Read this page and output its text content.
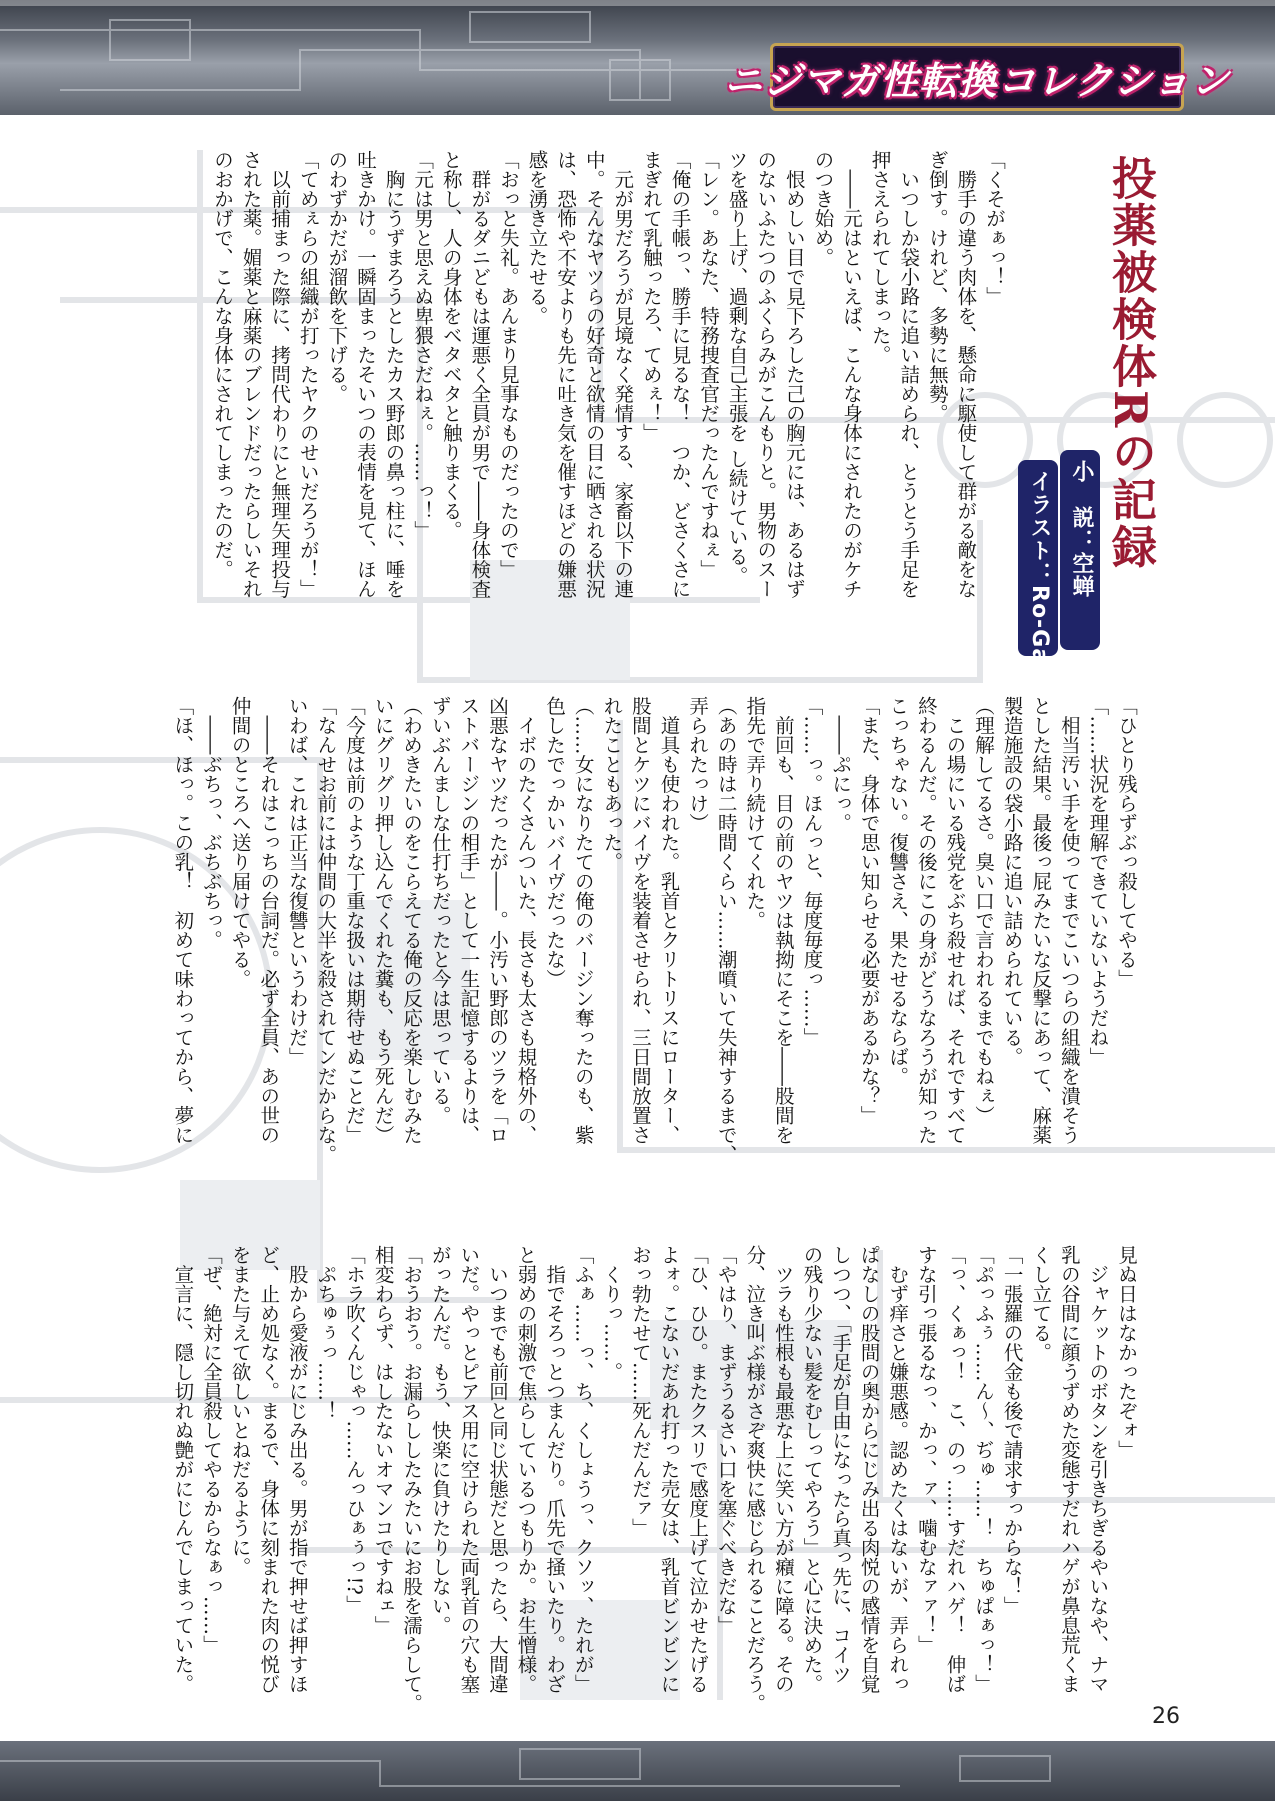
ニジマガ性転換コレクション
投薬被検体Rの記録
小　説：空蝉
イラスト：Ro-Ga
「くそがぁっ！」
　勝手の違う肉体を、懸命に駆使して群がる敵をな
ぎ倒す。けれど、多勢に無勢。
　いつしか袋小路に追い詰められ、とうとう手足を
押さえられてしまった。
　――元はといえば、こんな身体にされたのがケチ
のつき始め。
　恨めしい目で見下ろした己の胸元には、あるはず
のないふたつのふくらみがこんもりと。男物のスー
ツを盛り上げ、過剰な自己主張を し続けている。
「レン。あなた、特務捜査官だったんですねぇ」
「俺の手帳っ、勝手に見るな！　つか、どさくさに
まぎれて乳触ったろ、てめぇ！」
　元が男だろうが見境なく発情する、家畜以下の連
中。そんなヤツらの好奇と欲情の目に晒される状況
は、恐怖や不安よりも先に吐き気を催すほどの嫌悪
感を湧き立たせる。
「おっと失礼。あんまり見事なものだったので」
　群がるダニどもは運悪く全員が男で――身体検査
と称し、人の身体をベタベタと触りまくる。
「元は男と思えぬ卑猥さだねぇ。……っ！」
　胸にうずまろうとしたカス野郎の鼻っ柱に、唾を
吐きかけ。一瞬固まったそいつの表情を見て、ほん
のわずかだが溜飲を下げる。
「てめぇらの組織が打ったヤクのせいだろうが！」
　以前捕まった際に、拷問代わりにと無理矢理投与
された薬。媚薬と麻薬のブレンドだったらしいそれ
のおかげで、こんな身体にされてしまったのだ。
「ひとり残らずぶっ殺してやる」
「……状況を理解できていないようだね」
　相当汚い手を使ってまでこいつらの組織を潰そう
とした結果。最後っ屁みたいな反撃にあって、麻薬
製造施設の袋小路に追い詰められている。
（理解してるさ。臭い口で言われるまでもねぇ）
　この場にいる残党をぶち殺せれば、それですべて
終わるんだ。その後にこの身がどうなろうが知った
こっちゃない。復讐さえ、果たせるならば。
「また、身体で思い知らせる必要があるかな？」
　――ぷにっ。
「……っ。ほんっと、毎度毎度っ……」
　前回も、目の前のヤツは執拗にそこを――股間を
指先で弄り続けてくれた。
（あの時は二時間くらい……潮噴いて失神するまで、
弄られたっけ）
　道具も使われた。乳首とクリトリスにローター、
股間とケツにバイヴを装着させられ、三日間放置さ
れたこともあった。
（……女になりたての俺のバージン奪ったのも、紫
色したでっかいバイヴだったな）
　イボのたくさんついた、長さも太さも規格外の、
凶悪なヤツだったが――。小汚い野郎のツラを「ロ
ストバージンの相手」として一生記憶するよりは、
ずいぶんましな仕打ちだったと今は思っている。
（わめきたいのをこらえてる俺の反応を楽しむみた
いにグリグリ押し込んでくれた糞も、もう死んだ）
「今度は前のような丁重な扱いは期待せぬことだ」
「なんせお前には仲間の大半を殺されてンだからな。
いわば、これは正当な復讐というわけだ」
　――それはこっちの台詞だ。必ず全員、あの世の
仲間のところへ送り届けてやる。
　――ぶちっ、ぶちぶちっ。
「ほ、ほっ。この乳！　初めて味わってから、夢に
見ぬ日はなかったぞォ」
　ジャケットのボタンを引きちぎるやいなや、ナマ
乳の谷間に顔うずめた変態すだれハゲが鼻息荒くま
くし立てる。
「一張羅の代金も後で請求すっからな！」
「ぷっふぅ……ん～、ぢゅ……！　ちゅぱぁっ！」
「っ、くぁっ！　こ、のっ……すだれハゲ！　伸ば
すな引っ張るなっ、かっ、ァ、噛むなァァ！」
　むず痒さと嫌悪感。認めたくはないが、弄られっ
ぱなしの股間の奥からにじみ出る肉悦の感情を自覚
しつつ、「手足が自由になったら真っ先に、コイツ
の残り少ない髪をむしってやろう」と心に決めた。
　ツラも性根も最悪な上に笑い方が癪に障る。その
分、泣き叫ぶ様がさぞ爽快に感じられることだろう。
「やはり、まずうるさい口を塞ぐべきだな」
「ひ、ひひ。またクスリで感度上げて泣かせたげる
よォ。こないだあれ打った売女は、乳首ビンビンに
おっ勃たせて……死んだんだァ」
　くりっ……。
「ふぁ……っ、ち、くしょうっ、クソッ、たれが」
　指でそろっとつまんだり。爪先で掻いたり。わざ
と弱めの刺激で焦らしているつもりか。お生憎様。
　いつまでも前回と同じ状態だと思ったら、大間違
いだ。やっとピアス用に空けられた両乳首の穴も塞
がったんだ。もう、快楽に負けたりしない。
「おうおう。お漏らししたみたいにお股を濡らして。
相変わらず、はしたないオマンコですねェ」
「ホラ吹くんじゃっ……んっひぁぅっ!?」
　ぷちゅぅっ……！
　股から愛液がにじみ出る。男が指で押せば押すほ
ど、止め処なく。まるで、身体に刻まれた肉の悦び
をまた与えて欲しいとねだるように。
「ぜ、絶対に全員殺してやるからなぁっ……」
　宣言に、隠し切れぬ艶がにじんでしまっていた。
26
